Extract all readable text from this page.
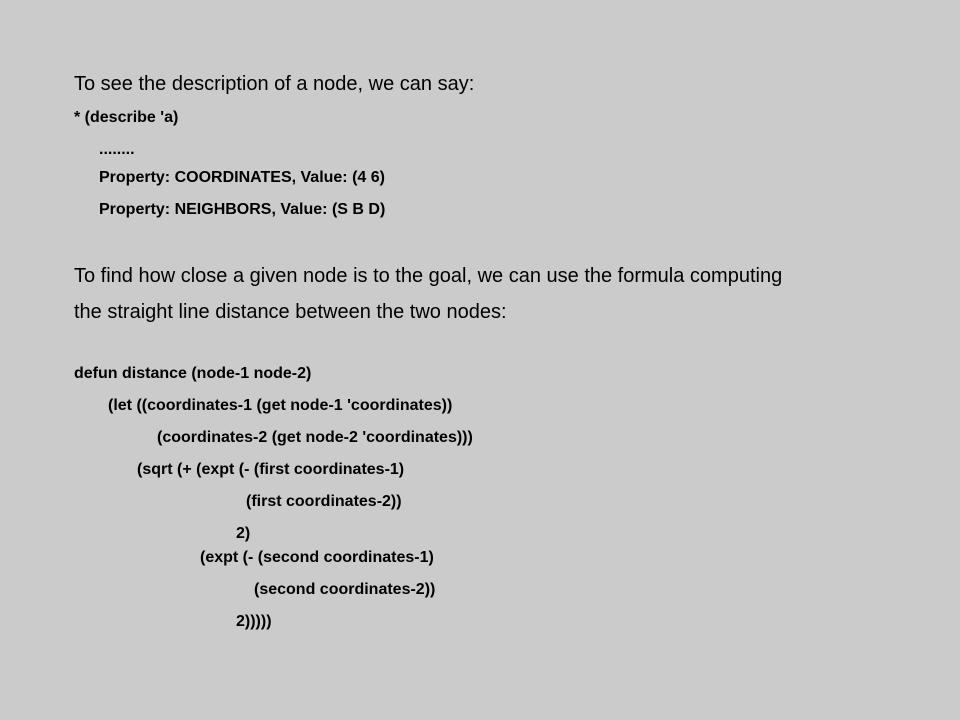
To see the description of a node, we can say:

* (describe 'a)

........

Property: COORDINATES, Value: (4 6)

Property: NEIGHBORS, Value: (S B D)

To find how close a given node is to the goal, we can use the formula computing

the straight line distance between the two nodes:

defun distance (node-1 node-2)

(let ((coordinates-1 (get node-1 'coordinates))

(coordinates-2 (get node-2 'coordinates)))

(sqrt (+ (expt (- (first coordinates-1)

(first coordinates-2))

2)

(expt (- (second coordinates-1)

(second coordinates-2))

2)))))
